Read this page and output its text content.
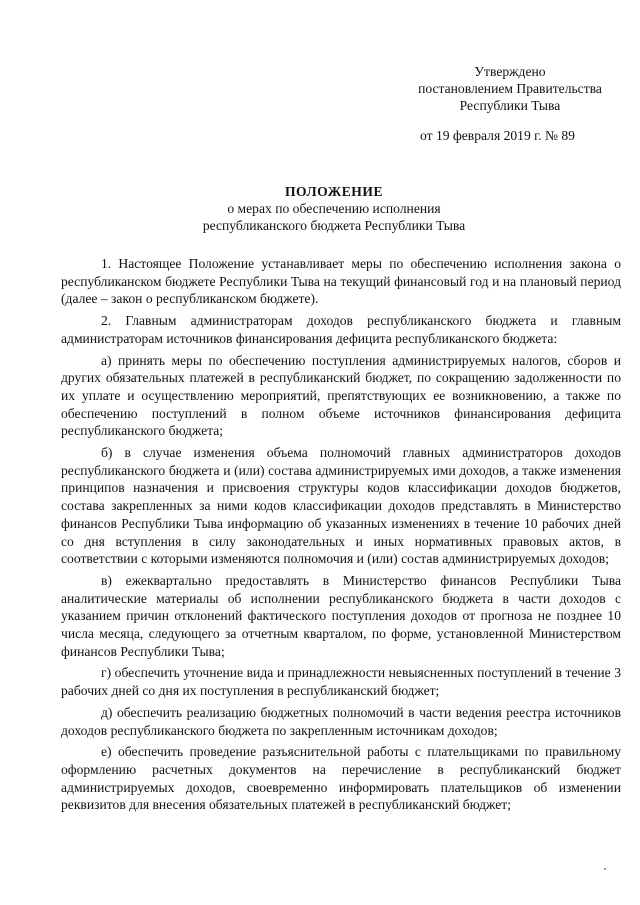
Утверждено
постановлением Правительства
Республики Тыва
от 19 февраля 2019 г. № 89
ПОЛОЖЕНИЕ
о мерах по обеспечению исполнения
республиканского бюджета Республики Тыва

1. Настоящее Положение устанавливает меры по обеспечению исполнения закона о республиканском бюджете Республики Тыва на текущий финансовый год и на плановый период (далее – закон о республиканском бюджете).

2. Главным администраторам доходов республиканского бюджета и главным администраторам источников финансирования дефицита республиканского бюджета:

а) принять меры по обеспечению поступления администрируемых налогов, сборов и других обязательных платежей в республиканский бюджет, по сокращению задолженности по их уплате и осуществлению мероприятий, препятствующих ее возникновению, а также по обеспечению поступлений в полном объеме источников финансирования дефицита республиканского бюджета;

б) в случае изменения объема полномочий главных администраторов доходов республиканского бюджета и (или) состава администрируемых ими доходов, а также изменения принципов назначения и присвоения структуры кодов классификации доходов бюджетов, состава закрепленных за ними кодов классификации доходов представлять в Министерство финансов Республики Тыва информацию об указанных изменениях в течение 10 рабочих дней со дня вступления в силу законодательных и иных нормативных правовых актов, в соответствии с которыми изменяются полномочия и (или) состав администрируемых доходов;

в) ежеквартально предоставлять в Министерство финансов Республики Тыва аналитические материалы об исполнении республиканского бюджета в части доходов с указанием причин отклонений фактического поступления доходов от прогноза не позднее 10 числа месяца, следующего за отчетным кварталом, по форме, установленной Министерством финансов Республики Тыва;

г) обеспечить уточнение вида и принадлежности невыясненных поступлений в течение 3 рабочих дней со дня их поступления в республиканский бюджет;

д) обеспечить реализацию бюджетных полномочий в части ведения реестра источников доходов республиканского бюджета по закрепленным источникам доходов;

е) обеспечить проведение разъяснительной работы с плательщиками по правильному оформлению расчетных документов на перечисление в республиканский бюджет администрируемых доходов, своевременно информировать плательщиков об изменении реквизитов для внесения обязательных платежей в республиканский бюджет;
